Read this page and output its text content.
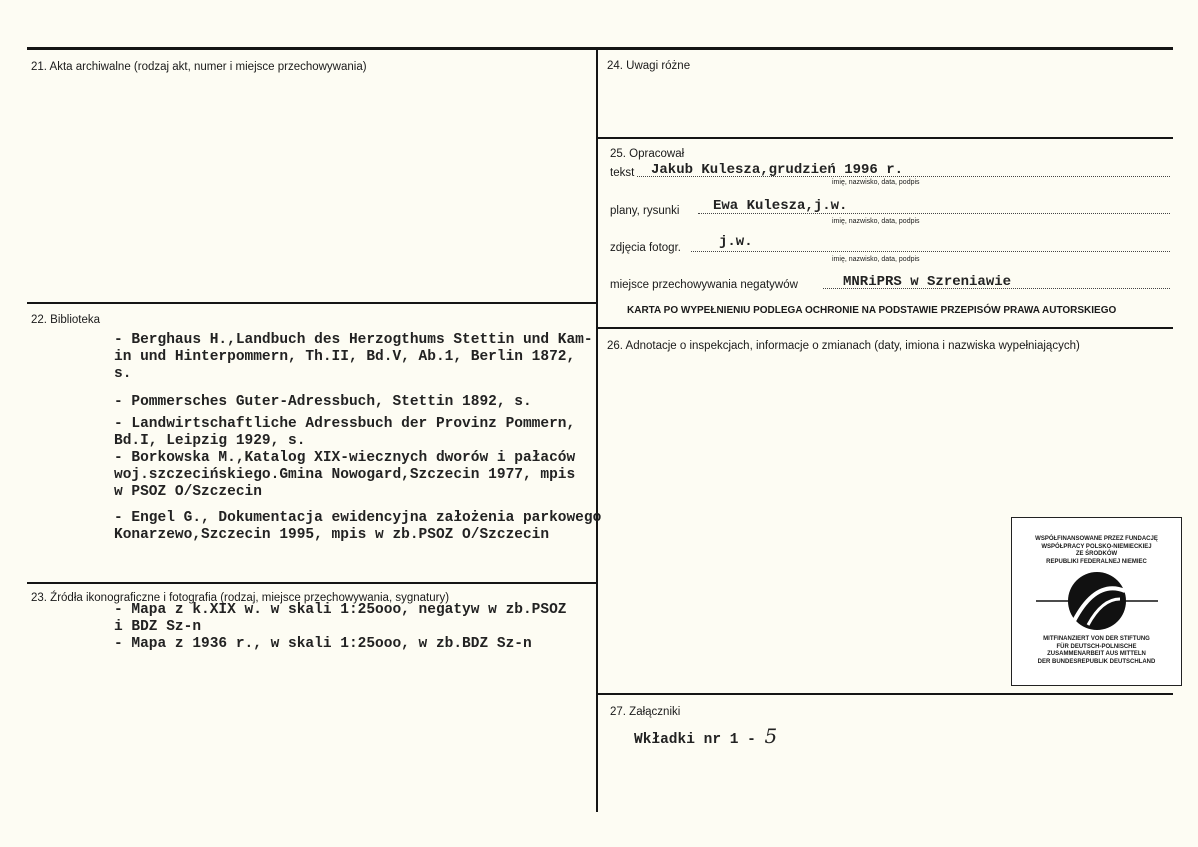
21. Akta archiwalne (rodzaj akt, numer i miejsce przechowywania)
22. Biblioteka
- Berghaus H.,Landbuch des Herzogthums Stettin und Kam-
in und Hinterpommern, Th.II, Bd.V, Ab.1, Berlin 1872,
s.
- Pommersches Guter-Adressbuch, Stettin 1892, s.
- Landwirtschaftliche Adressbuch der Provinz Pommern,
Bd.I, Leipzig 1929, s.
- Borkowska M.,Katalog XIX-wiecznych dworów i pałaców
woj.szczecińskiego.Gmina Nowogard,Szczecin 1977, mpis
w PSOZ O/Szczecin
- Engel G., Dokumentacja ewidencyjna założenia parkowego
Konarzewo,Szczecin 1995, mpis w zb.PSOZ O/Szczecin
23. Źródła ikonograficzne i fotografia (rodzaj, miejsce przechowywania, sygnatury)
- Mapa z k.XIX w. w skali 1:25ooo, negatyw w zb.PSOZ
i BDZ Sz-n
- Mapa z 1936 r., w skali 1:25ooo, w zb.BDZ Sz-n
24. Uwagi różne
25. Opracował
tekst Jakub Kulesza,grudzień 1996 r.
imię, nazwisko, data, podpis
plany, rysunki Ewa Kulesza,j.w.
imię, nazwisko, data, podpis
zdjęcia fotogr.	j.w.
imię, nazwisko, data, podpis
miejsce przechowywania negatywów	MNRiPRS w Szreniawie
KARTA PO WYPEŁNIENIU PODLEGA OCHRONIE NA PODSTAWIE PRZEPISÓW PRAWA AUTORSKIEGO
26. Adnotacje o inspekcjach, informacje o zmianach (daty, imiona i nazwiska wypełniających)
WSPÓŁFINANSOWANE PRZEZ FUNDACJĘ
WSPÓŁPRACY POLSKO-NIEMIECKIEJ
ZE ŚRODKÓW
REPUBLIKI FEDERALNEJ NIEMIEC
MITFINANZIERT VON DER STIFTUNG
FÜR DEUTSCH-POLNISCHE
ZUSAMMENARBEIT AUS MITTELN
DER BUNDESREPUBLIK DEUTSCHLAND
27. Załączniki
Wkładki nr 1 - 5
